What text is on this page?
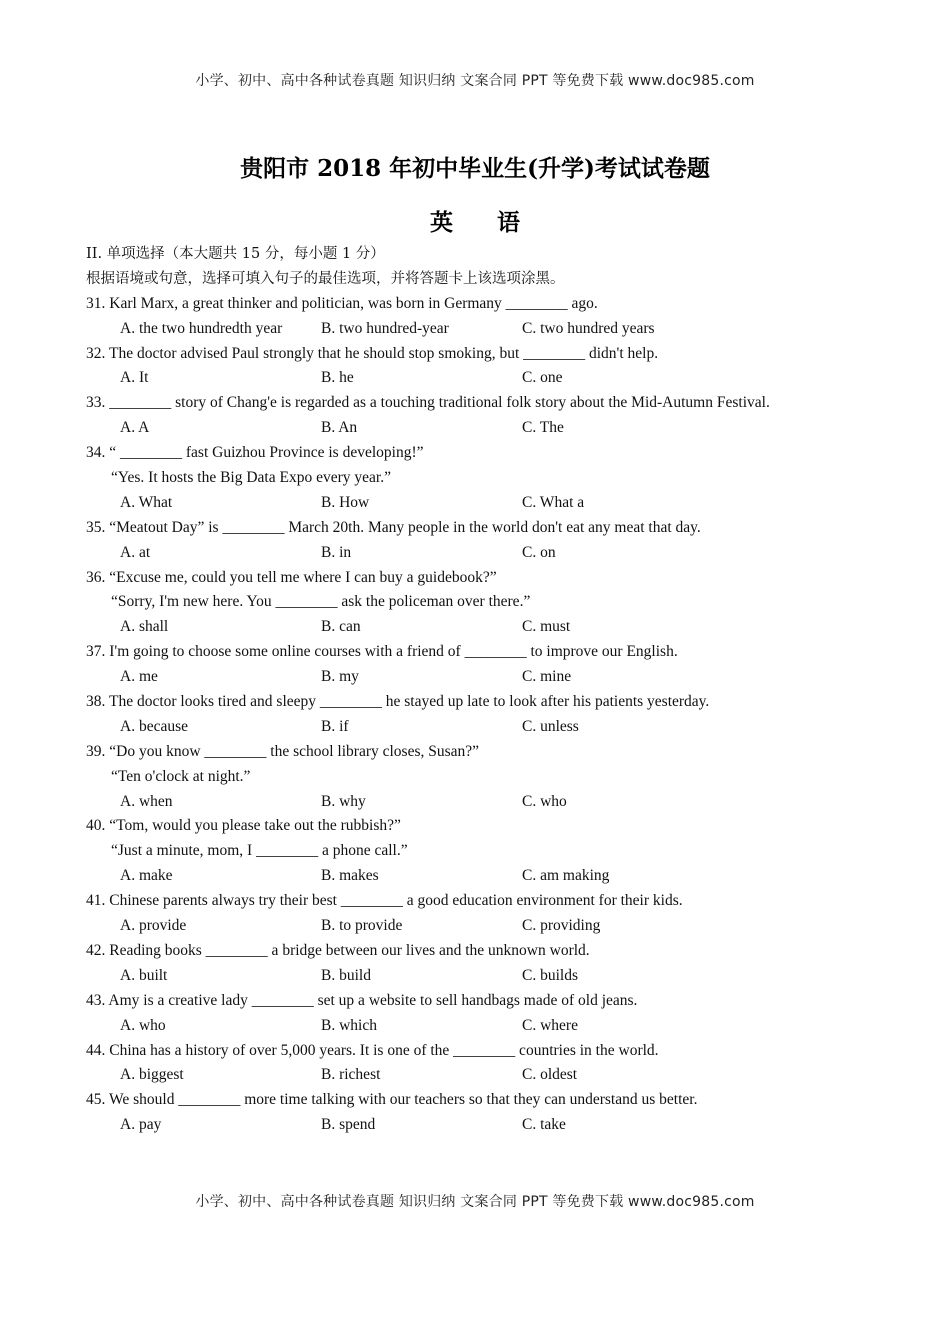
小学、初中、高中各种试卷真题 知识归纳 文案合同 PPT 等免费下载 www.doc985.com
贵阳市 2018 年初中毕业生(升学)考试试卷题
英语
II. 单项选择（本大题共 15 分，每小题 1 分）
根据语境或句意，选择可填入句子的最佳选项，并将答题卡上该选项涂黑。
31. Karl Marx, a great thinker and politician, was born in Germany ________ ago.
A. the two hundredth year B. two hundred-year	C. two hundred years
32. The doctor advised Paul strongly that he should stop smoking, but ________ didn't help.
A. It	B. he	C. one
33. ________ story of Chang'e is regarded as a touching traditional folk story about the Mid-Autumn Festival.
A. A	B. An	C. The
34. “ ________ fast Guizhou Province is developing!”
“Yes. It hosts the Big Data Expo every year.”
A. What	B. How	C. What a
35. “Meatout Day” is ________ March 20th. Many people in the world don't eat any meat that day.
A. at	B. in	C. on
36. “Excuse me, could you tell me where I can buy a guidebook?”
“Sorry, I'm new here. You ________ ask the policeman over there.”
A. shall	B. can	C. must
37. I'm going to choose some online courses with a friend of ________ to improve our English.
A. me	B. my	C. mine
38. The doctor looks tired and sleepy ________ he stayed up late to look after his patients yesterday.
A. because	B. if	C. unless
39. “Do you know ________ the school library closes, Susan?”
“Ten o'clock at night.”
A. when	B. why	C. who
40. “Tom, would you please take out the rubbish?”
“Just a minute, mom, I ________ a phone call.”
A. make	B. makes	C. am making
41. Chinese parents always try their best ________ a good education environment for their kids.
A. provide	B. to provide	C. providing
42. Reading books ________ a bridge between our lives and the unknown world.
A. built	B. build	C. builds
43. Amy is a creative lady ________ set up a website to sell handbags made of old jeans.
A. who	B. which	C. where
44. China has a history of over 5,000 years. It is one of the ________ countries in the world.
A. biggest	B. richest	C. oldest
45. We should ________ more time talking with our teachers so that they can understand us better.
A. pay	B. spend	C. take
小学、初中、高中各种试卷真题 知识归纳 文案合同 PPT 等免费下载 www.doc985.com
